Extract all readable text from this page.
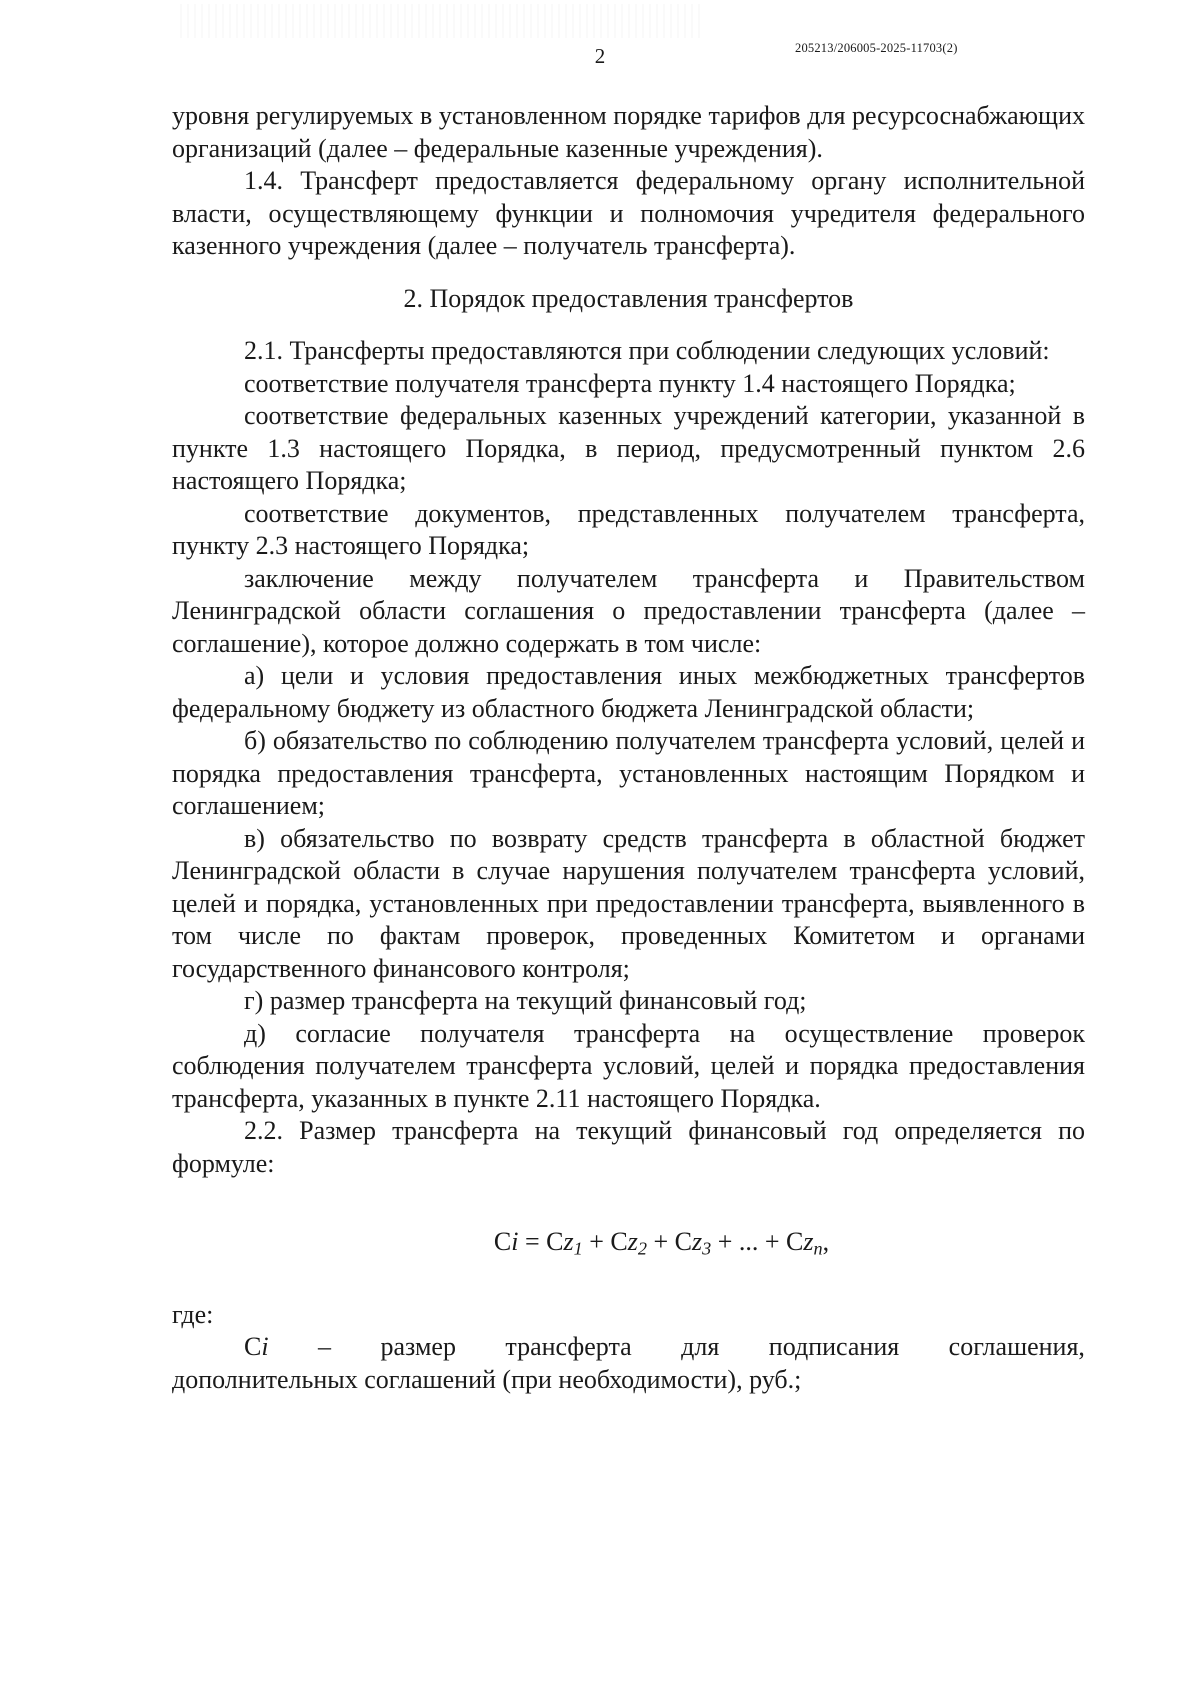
2	205213/206005-2025-11703(2)

уровня регулируемых в установленном порядке тарифов для ресурсоснабжающих организаций (далее – федеральные казенные учреждения).

1.4. Трансферт предоставляется федеральному органу исполнительной власти, осуществляющему функции и полномочия учредителя федерального казенного учреждения (далее – получатель трансферта).

2. Порядок предоставления трансфертов

2.1. Трансферты предоставляются при соблюдении следующих условий:

соответствие получателя трансферта пункту 1.4 настоящего Порядка;

соответствие федеральных казенных учреждений категории, указанной в пункте 1.3 настоящего Порядка, в период, предусмотренный пунктом 2.6 настоящего Порядка;

соответствие документов, представленных получателем трансферта, пункту 2.3 настоящего Порядка;

заключение между получателем трансферта и Правительством Ленинградской области соглашения о предоставлении трансферта (далее – соглашение), которое должно содержать в том числе:

а) цели и условия предоставления иных межбюджетных трансфертов федеральному бюджету из областного бюджета Ленинградской области;

б) обязательство по соблюдению получателем трансферта условий, целей и порядка предоставления трансферта, установленных настоящим Порядком и соглашением;

в) обязательство по возврату средств трансферта в областной бюджет Ленинградской области в случае нарушения получателем трансферта условий, целей и порядка, установленных при предоставлении трансферта, выявленного в том числе по фактам проверок, проведенных Комитетом и органами государственного финансового контроля;

г) размер трансферта на текущий финансовый год;

д) согласие получателя трансферта на осуществление проверок соблюдения получателем трансферта условий, целей и порядка предоставления трансферта, указанных в пункте 2.11 настоящего Порядка.

2.2. Размер трансферта на текущий финансовый год определяется по формуле:

$Ci = Cz_1 + Cz_2 + Cz_3$ + ... + $Cz_n$,

где:

Ci – размер трансферта для подписания соглашения,

дополнительных соглашений (при необходимости), руб.;
